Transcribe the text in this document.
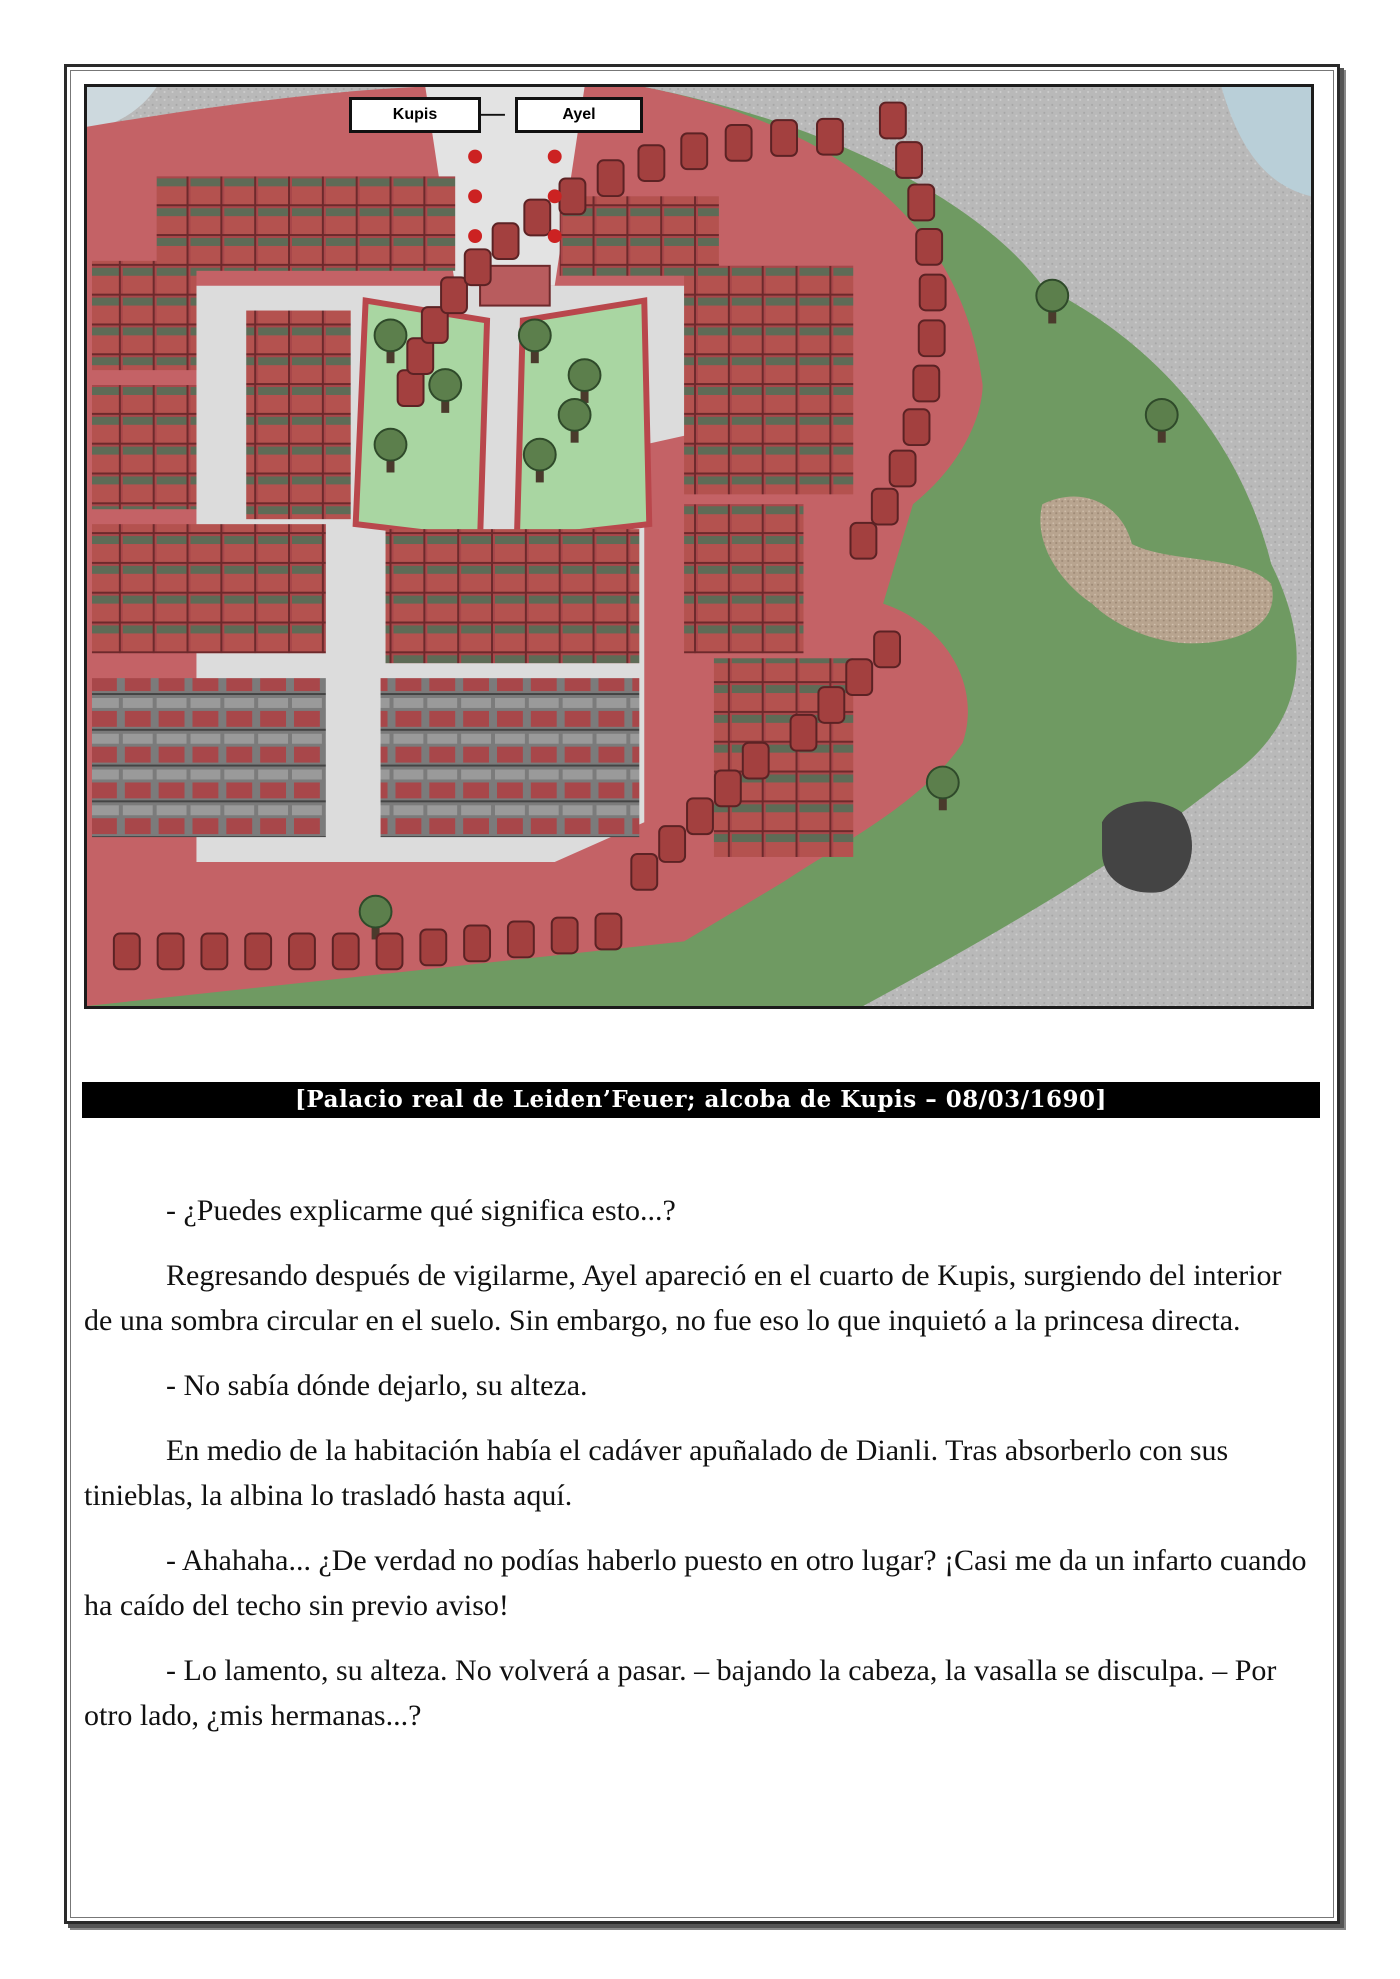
Kupis	Ayel
[Palacio real de Leiden’Feuer; alcoba de Kupis – 08/03/1690]

- ¿Puedes explicarme qué significa esto...?

Regresando después de vigilarme, Ayel apareció en el cuarto de Kupis, surgiendo del interior de una sombra circular en el suelo. Sin embargo, no fue eso lo que inquietó a la princesa directa.

- No sabía dónde dejarlo, su alteza.

En medio de la habitación había el cadáver apuñalado de Dianli. Tras absorberlo con sus tinieblas, la albina lo trasladó hasta aquí.

- Ahahaha... ¿De verdad no podías haberlo puesto en otro lugar? ¡Casi me da un infarto cuando ha caído del techo sin previo aviso!

- Lo lamento, su alteza. No volverá a pasar. – bajando la cabeza, la vasalla se disculpa. – Por otro lado, ¿mis hermanas...?
